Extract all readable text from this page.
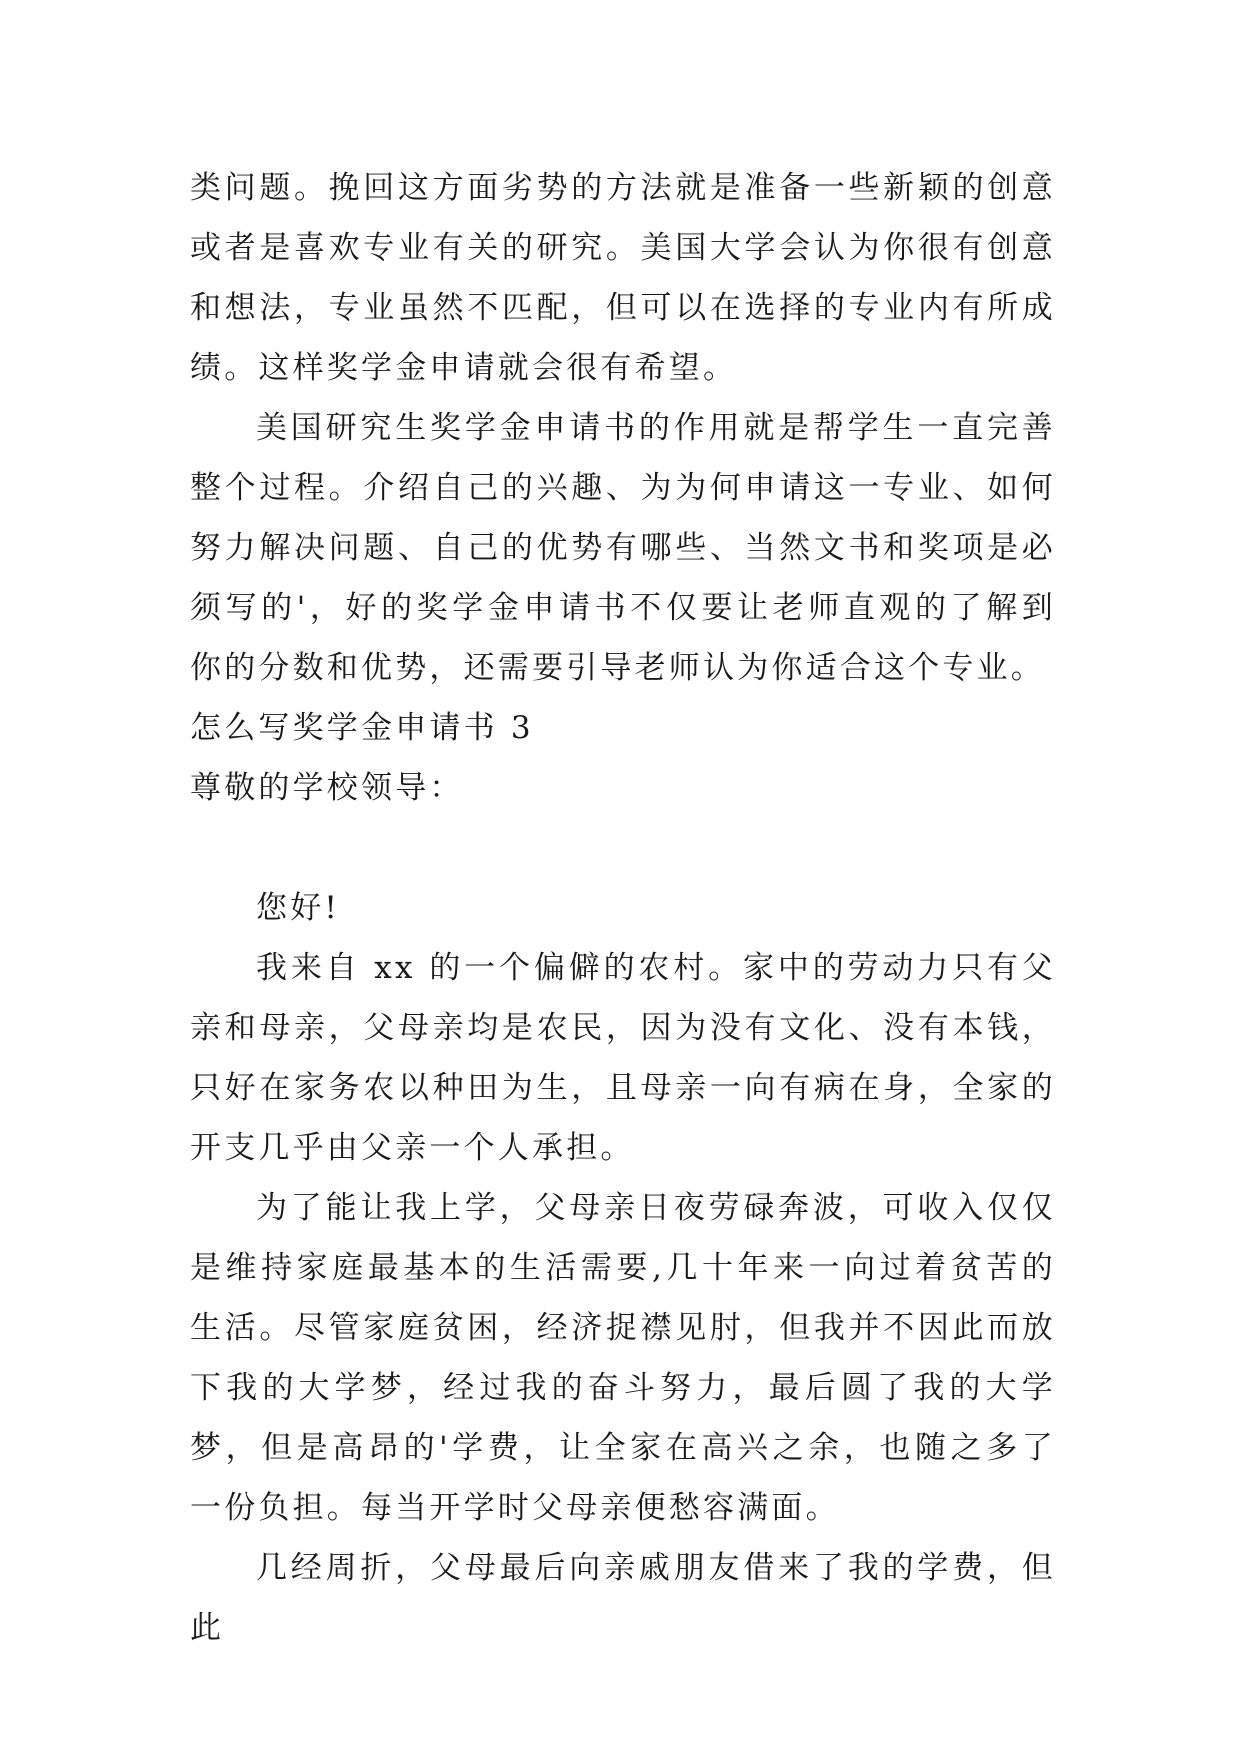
类问题。挽回这方面劣势的方法就是准备一些新颖的创意或者是喜欢专业有关的研究。美国大学会认为你很有创意和想法，专业虽然不匹配，但可以在选择的专业内有所成绩。这样奖学金申请就会很有希望。

美国研究生奖学金申请书的作用就是帮学生一直完善整个过程。介绍自己的兴趣、为为何申请这一专业、如何努力解决问题、自己的优势有哪些、当然文书和奖项是必须写的'，好的奖学金申请书不仅要让老师直观的了解到你的分数和优势，还需要引导老师认为你适合这个专业。

怎么写奖学金申请书 3

尊敬的学校领导：

您好!

我来自 xx 的一个偏僻的农村。家中的劳动力只有父亲和母亲，父母亲均是农民，因为没有文化、没有本钱，只好在家务农以种田为生，且母亲一向有病在身，全家的开支几乎由父亲一个人承担。

为了能让我上学，父母亲日夜劳碌奔波，可收入仅仅是维持家庭最基本的生活需要,几十年来一向过着贫苦的生活。尽管家庭贫困，经济捉襟见肘，但我并不因此而放下我的大学梦，经过我的奋斗努力，最后圆了我的大学梦，但是高昂的'学费，让全家在高兴之余，也随之多了一份负担。每当开学时父母亲便愁容满面。

几经周折，父母最后向亲戚朋友借来了我的学费，但此
